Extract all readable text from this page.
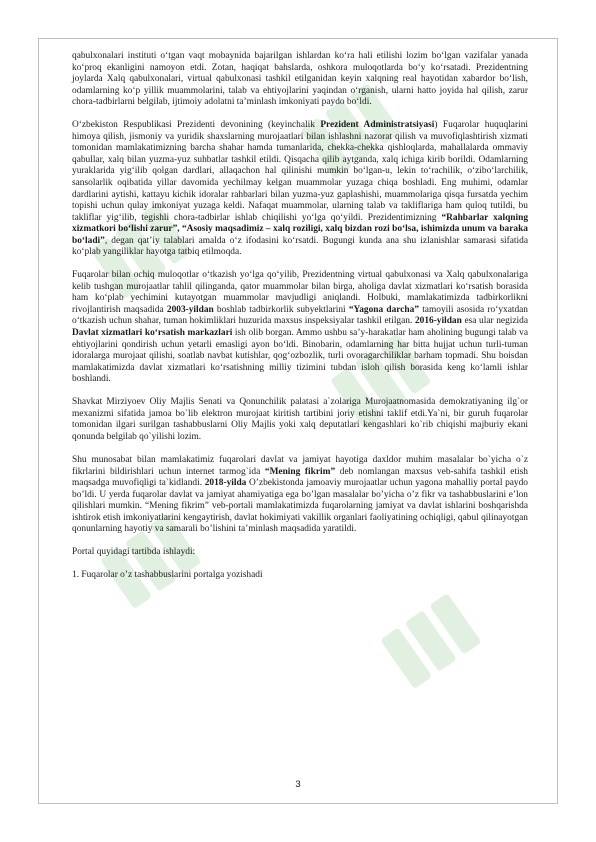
qabulxonalari instituti oʻtgan vaqt mobaynida bajarilgan ishlardan koʻra hali etilishi lozim boʻlgan vazifalar yanada koʻproq ekanligini namoyon etdi. Zotan, haqiqat bahslarda, oshkora muloqotlarda boʻy koʻrsatadi. Prezidentning joylarda Xalq qabulxonalari, virtual qabulxonasi tashkil etilganidan keyin xalqning real hayotidan xabardor boʻlish, odamlarning koʻp yillik muammolarini, talab va ehtiyojlarini yaqindan oʻrganish, ularni hatto joyida hal qilish, zarur chora-tadbirlarni belgilab, ijtimoiy adolatni ta’minlash imkoniyati paydo boʻldi.

Oʻzbekiston Respublikasi Prezidenti devonining (keyinchalik Prezident Administratsiyasi) Fuqarolar huquqlarini himoya qilish, jismoniy va yuridik shaxslarning murojaatlari bilan ishlashni nazorat qilish va muvofiqlashtirish xizmati tomonidan mamlakatimizning barcha shahar hamda tumanlarida, chekka-chekka qishloqlarda, mahallalarda ommaviy qabullar, xalq bilan yuzma-yuz suhbatlar tashkil etildi. Qisqacha qilib aytganda, xalq ichiga kirib borildi. Odamlarning yuraklarida yigʻilib qolgan dardlari, allaqachon hal qilinishi mumkin boʻlgan-u, lekin toʻrachilik, oʻziboʻlarchilik, sansolarlik oqibatida yillar davomida yechilmay kelgan muammolar yuzaga chiqa boshladi. Eng muhimi, odamlar dardlarini aytishi, kattayu kichik idoralar rahbarlari bilan yuzma-yuz gaplashishi, muammolariga qisqa fursatda yechim topishi uchun qulay imkoniyat yuzaga keldi. Nafaqat muammolar, ularning talab va takliflariga ham quloq tutildi, bu takliflar yigʻilib, tegishli chora-tadbirlar ishlab chiqilishi yoʻlga qoʻyildi. Prezidentimizning “Rahbarlar xalqning xizmatkori boʻlishi zarur”, “Asosiy maqsadimiz – xalq roziligi, xalq bizdan rozi boʻlsa, ishimizda unum va baraka boʻladi”, degan qat’iy talablari amalda oʻz ifodasini koʻrsatdi. Bugungi kunda ana shu izlanishlar samarasi sifatida koʻplab yangiliklar hayotga tatbiq etilmoqda.

Fuqarolar bilan ochiq muloqotlar oʻtkazish yoʻlga qoʻyilib, Prezidentning virtual qabulxonasi va Xalq qabulxonalariga kelib tushgan murojaatlar tahlil qilinganda, qator muammolar bilan birga, aholiga davlat xizmatlari koʻrsatish borasida ham koʻplab yechimini kutayotgan muammolar mavjudligi aniqlandi. Holbuki, mamlakatimizda tadbirkorlikni rivojlantirish maqsadida 2003-yildan boshlab tadbirkorlik subyektlarini “Yagona darcha” tamoyili asosida roʻyxatdan oʻtkazish uchun shahar, tuman hokimliklari huzurida maxsus inspeksiyalar tashkil etilgan. 2016-yildan esa ular negizida Davlat xizmatlari koʻrsatish markazlari ish olib borgan. Ammo ushbu sa’y-harakatlar ham aholining bugungi talab va ehtiyojlarini qondirish uchun yetarli emasligi ayon boʻldi. Binobarin, odamlarning har bitta hujjat uchun turli-tuman idoralarga murojaat qilishi, soatlab navbat kutishlar, qogʻozbozlik, turli ovoragarchiliklar barham topmadi. Shu boisdan mamlakatimizda davlat xizmatlari koʻrsatishning milliy tizimini tubdan isloh qilish borasida keng koʻlamli ishlar boshlandi.

Shavkat Mirziyoev Oliy Majlis Senati va Qonunchilik palatasi a`zolariga Murojaatnomasida demokratiyaning ilg`or mexanizmi sifatida jamoa bo`lib elektron murojaat kiritish tartibini joriy etishni taklif etdi.Ya`ni, bir guruh fuqarolar tomonidan ilgari surilgan tashabbuslarni Oliy Majlis yoki xalq deputatlari kengashlari ko`rib chiqishi majburiy ekani qonunda belgilab qo`yilishi lozim.

Shu munosabat bilan mamlakatimiz fuqarolari davlat va jamiyat hayotiga daxldor muhim masalalar bo`yicha o`z fikrlarini bildirishlari uchun internet tarmog`ida “Mening fikrim” deb nomlangan maxsus veb-sahifa tashkil etish maqsadga muvofiqligi ta`kidlandi. 2018-yilda O’zbekistonda jamoaviy murojaatlar uchun yagona mahalliy portal paydo bo’ldi. U yerda fuqarolar davlat va jamiyat ahamiyatiga ega bo’lgan masalalar bo’yicha o’z fikr va tashabbuslarini e’lon qilishlari mumkin. “Mening fikrim” veb-portali mamlakatimizda fuqarolarning jamiyat va davlat ishlarini boshqarishda ishtirok etish imkoniyatlarini kengaytirish, davlat hokimiyati vakillik organlari faoliyatining ochiqligi, qabul qilinayotgan qonunlarning hayotiy va samarali bo’lishini ta’minlash maqsadida yaratildi.

Portal quyidagi tartibda ishlaydi:

1. Fuqarolar o’z tashabbuslarini portalga yozishadi

3
